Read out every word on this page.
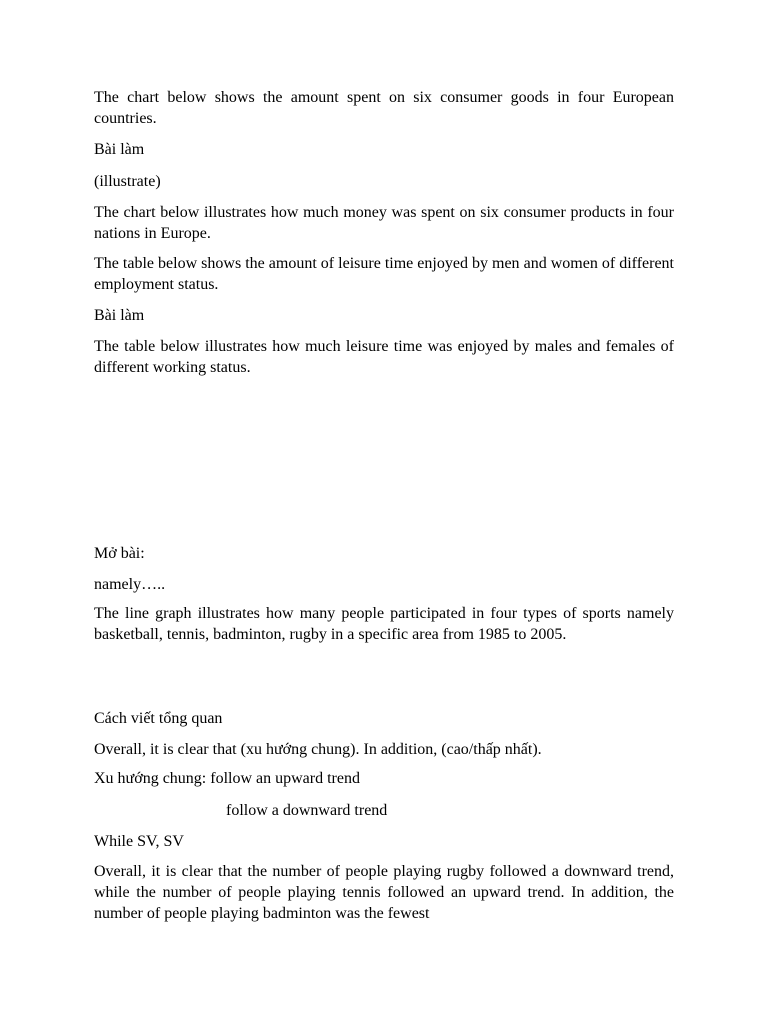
The chart below shows the amount spent on six consumer goods in four European countries.

Bài làm

(illustrate)

The chart below illustrates how much money was spent on six consumer products in four nations in Europe.

The table below shows the amount of leisure time enjoyed by men and women of different employment status.

Bài làm

The table below illustrates how much leisure time was enjoyed by males and females of different working status.

Mở bài:

namely…..

The line graph illustrates how many people participated in four types of sports namely basketball, tennis, badminton, rugby in a specific area from 1985 to 2005.

Cách viết tổng quan

Overall, it is clear that (xu hướng chung). In addition, (cao/thấp nhất).

Xu hướng chung: follow an upward trend

follow a downward trend

While SV, SV

Overall, it is clear that the number of people playing rugby followed a downward trend, while the number of people playing tennis followed an upward trend. In addition, the number of people playing badminton was the fewest
